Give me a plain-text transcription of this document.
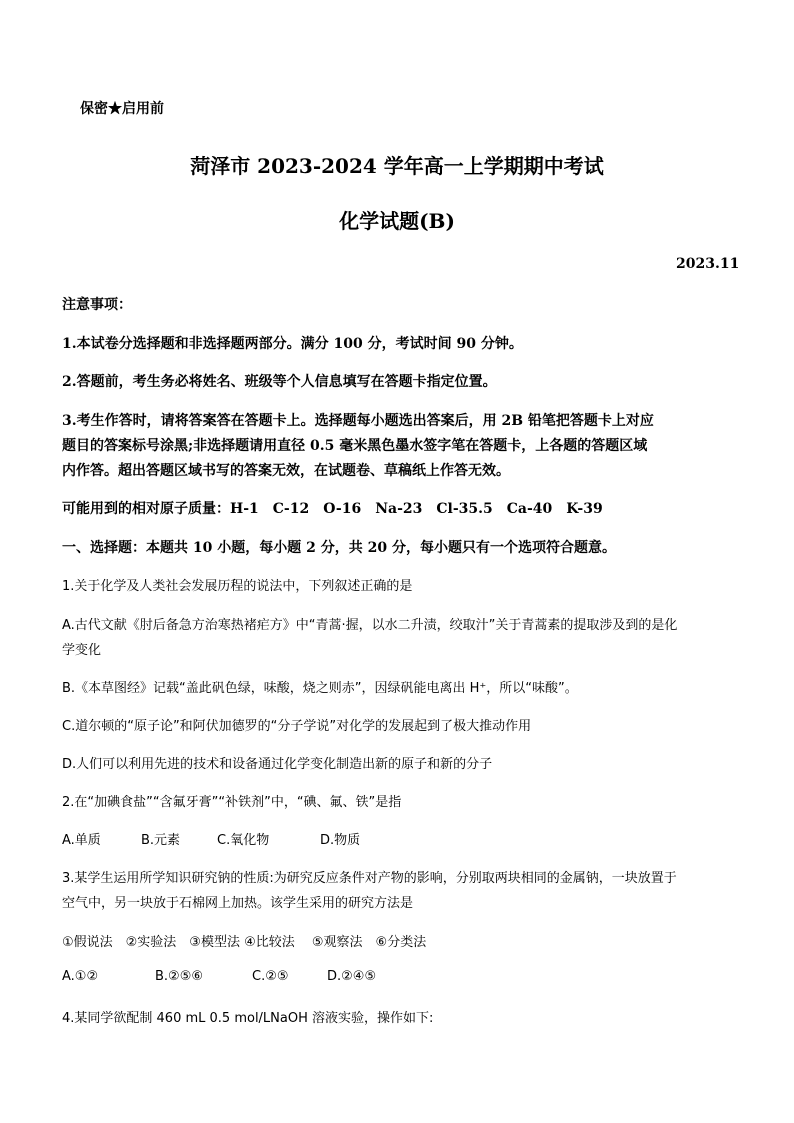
保密★启用前
菏泽市 2023-2024 学年高一上学期期中考试
化学试题(B)
2023.11
注意事项：
1.本试卷分选择题和非选择题两部分。满分 100 分，考试时间 90 分钟。
2.答题前，考生务必将姓名、班级等个人信息填写在答题卡指定位置。
3.考生作答时，请将答案答在答题卡上。选择题每小题选出答案后，用 2B 铅笔把答题卡上对应
题目的答案标号涂黑;非选择题请用直径 0.5 毫米黑色墨水签字笔在答题卡，上各题的答题区域
内作答。超出答题区域书写的答案无效，在试题卷、草稿纸上作答无效。
可能用到的相对原子质量：H-1　C-12　O-16　Na-23　Cl-35.5　Ca-40　K-39
一、选择题：本题共 10 小题，每小题 2 分，共 20 分，每小题只有一个选项符合题意。
1.关于化学及人类社会发展历程的说法中，下列叙述正确的是
A.古代文献《肘后备急方治寒热褚疟方》中“青蒿·握，以水二升渍，绞取汁”关于青蒿素的提取涉及到的是化
学变化
B.《本草图经》记载“盖此矾色绿，味酸，烧之则赤”，因绿矾能电离出 H⁺，所以“味酸”。
C.道尔顿的“原子论”和阿伏加德罗的“分子学说”对化学的发展起到了极大推动作用
D.人们可以利用先进的技术和设备通过化学变化制造出新的原子和新的分子
2.在“加碘食盐”“含氟牙膏”“补铁剂”中，“碘、氟、铁”是指
A.单质	B.元素	C.氧化物	D.物质
3.某学生运用所学知识研究钠的性质:为研究反应条件对产物的影响，分别取两块相同的金属钠，一块放置于
空气中，另一块放于石棉网上加热。该学生采用的研究方法是
①假说法　②实验法　③模型法 ④比较法　 ⑤观察法　⑥分类法
A.①②	B.②⑤⑥	C.②⑤	D.②④⑤
4.某同学欲配制 460 mL 0.5 mol/LNaOH 溶液实验，操作如下:
